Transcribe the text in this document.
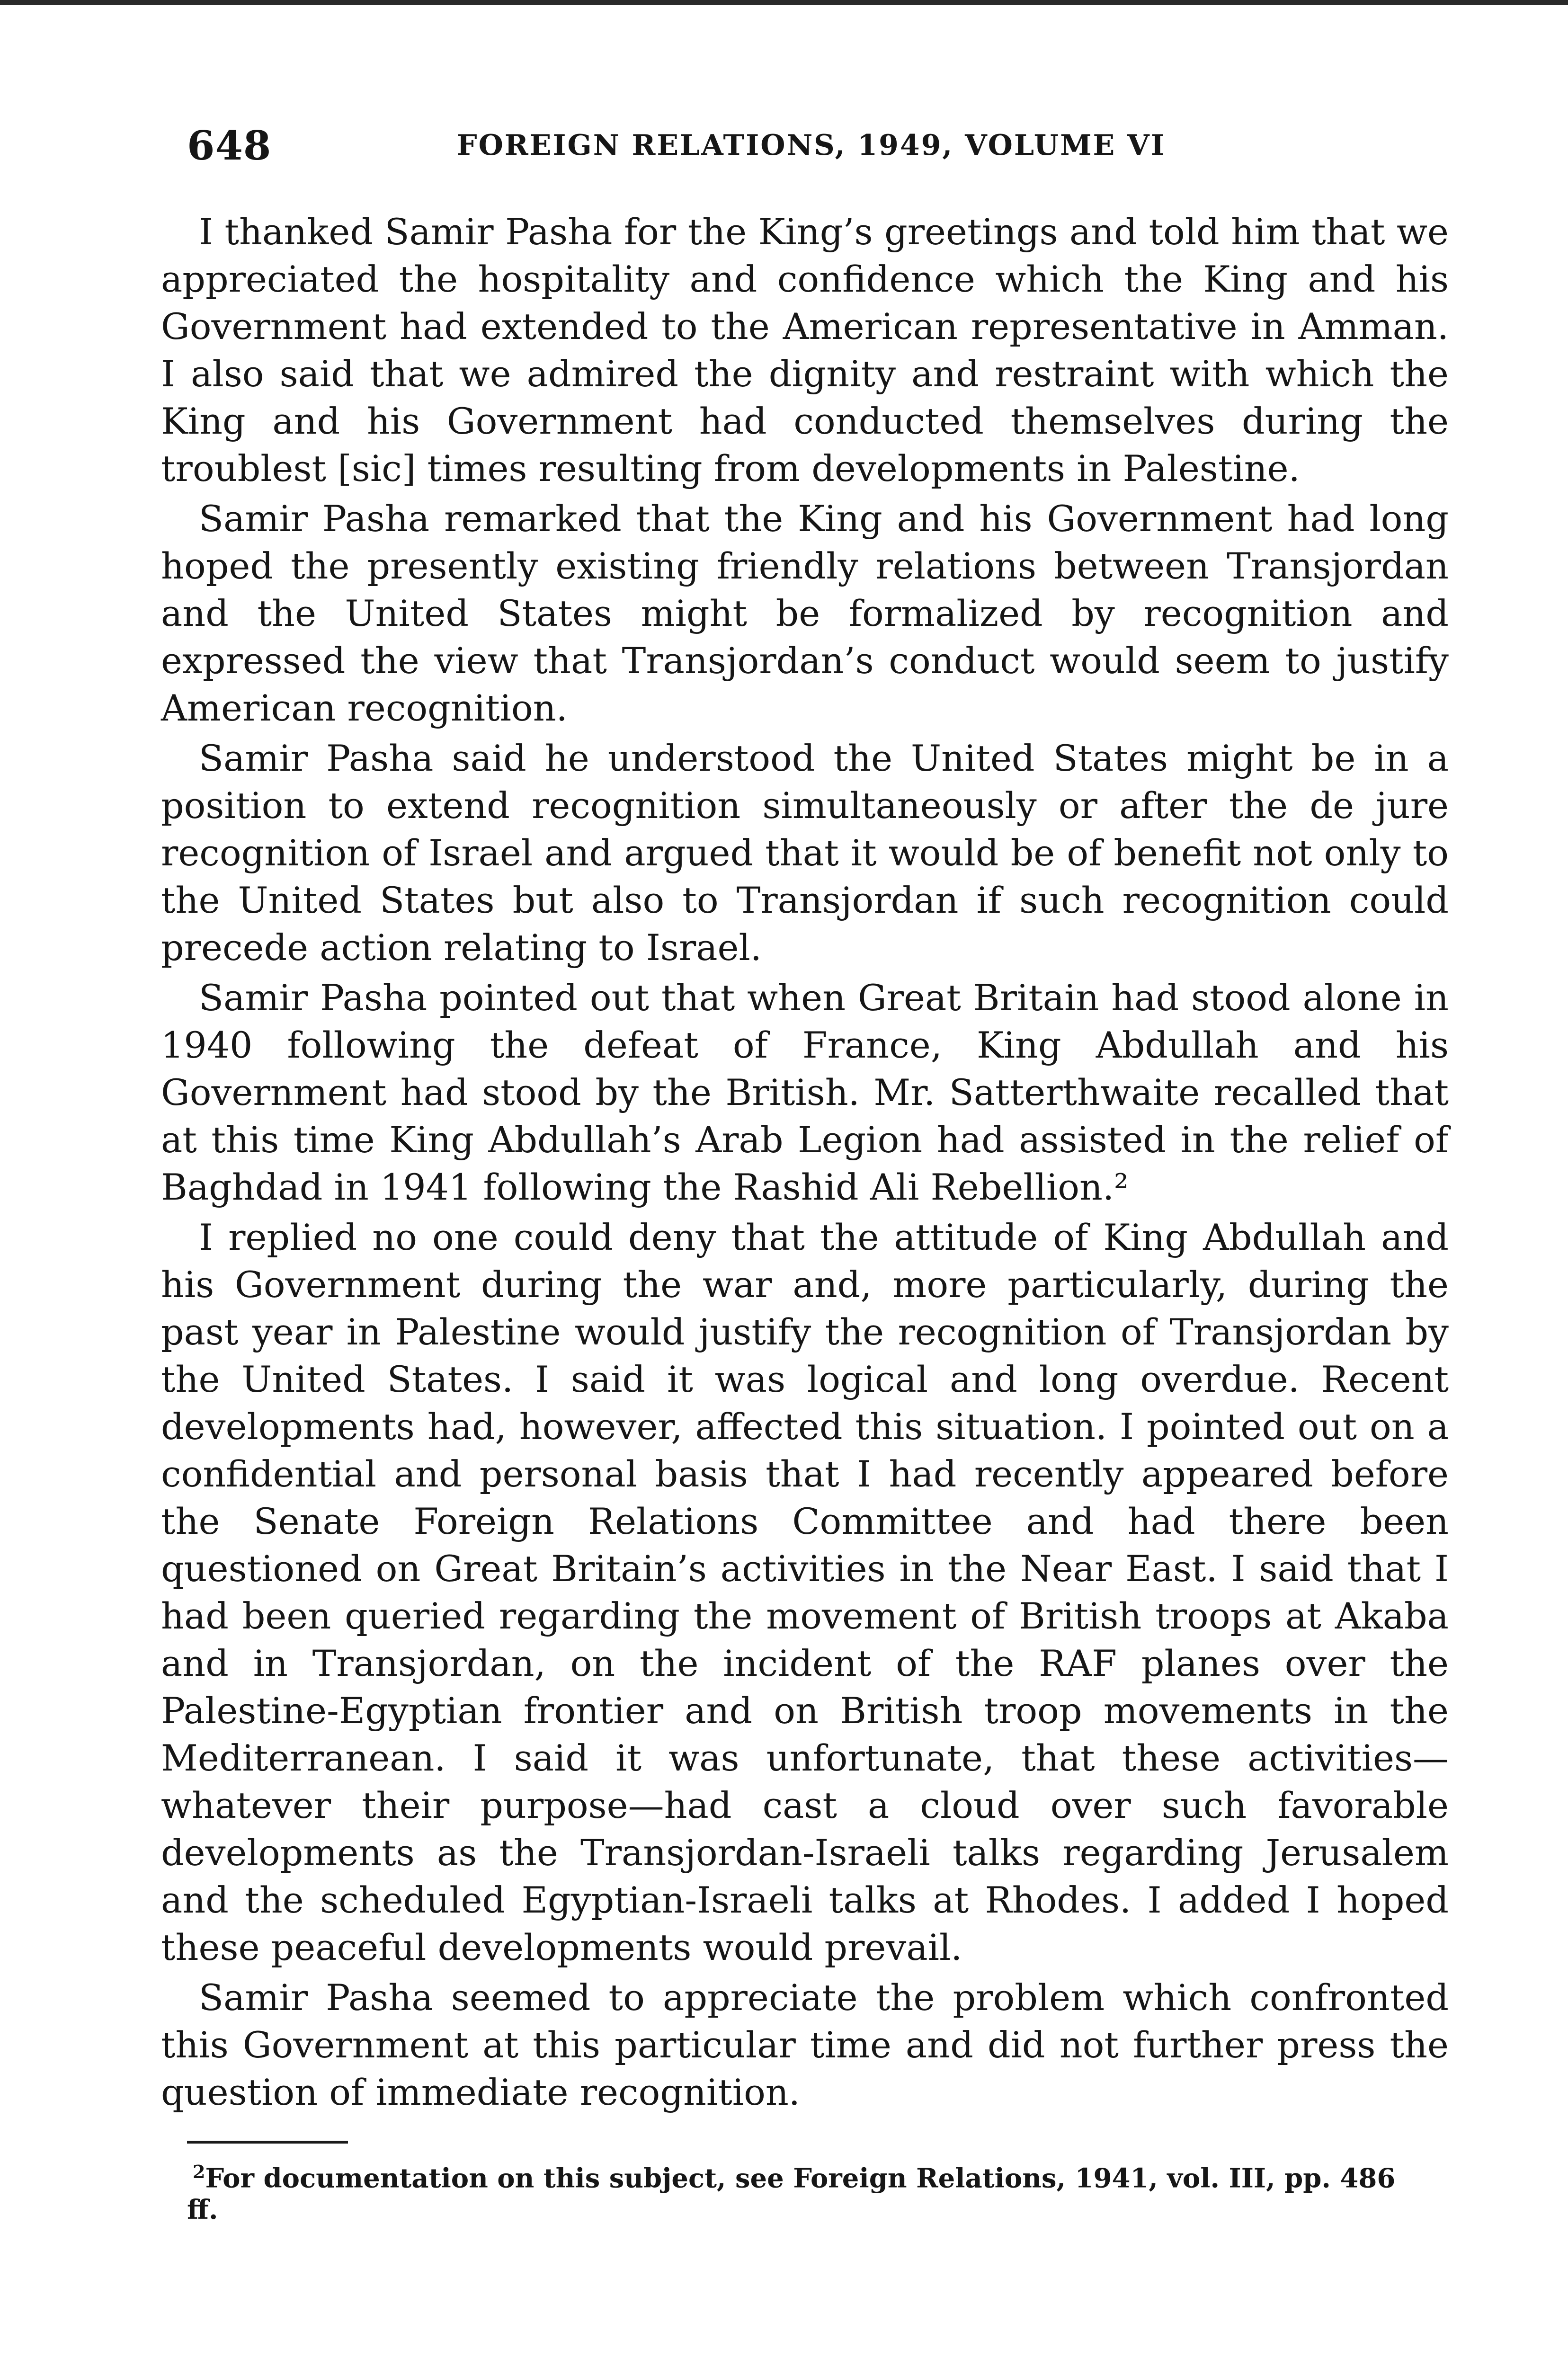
648	FOREIGN RELATIONS, 1949, VOLUME VI

I thanked Samir Pasha for the King’s greetings and told him that we appreciated the hospitality and confidence which the King and his Government had extended to the American representative in Amman. I also said that we admired the dignity and restraint with which the King and his Government had conducted themselves during the troublest [sic] times resulting from developments in Palestine.

Samir Pasha remarked that the King and his Government had long hoped the presently existing friendly relations between Transjordan and the United States might be formalized by recognition and expressed the view that Transjordan’s conduct would seem to justify American recognition.

Samir Pasha said he understood the United States might be in a position to extend recognition simultaneously or after the de jure recognition of Israel and argued that it would be of benefit not only to the United States but also to Transjordan if such recognition could precede action relating to Israel.

Samir Pasha pointed out that when Great Britain had stood alone in 1940 following the defeat of France, King Abdullah and his Government had stood by the British. Mr. Satterthwaite recalled that at this time King Abdullah’s Arab Legion had assisted in the relief of Baghdad in 1941 following the Rashid Ali Rebellion.²

I replied no one could deny that the attitude of King Abdullah and his Government during the war and, more particularly, during the past year in Palestine would justify the recognition of Transjordan by the United States. I said it was logical and long overdue. Recent developments had, however, affected this situation. I pointed out on a confidential and personal basis that I had recently appeared before the Senate Foreign Relations Committee and had there been questioned on Great Britain’s activities in the Near East. I said that I had been queried regarding the movement of British troops at Akaba and in Transjordan, on the incident of the RAF planes over the Palestine-Egyptian frontier and on British troop movements in the Mediterranean. I said it was unfortunate, that these activities—whatever their purpose—had cast a cloud over such favorable developments as the Transjordan-Israeli talks regarding Jerusalem and the scheduled Egyptian-Israeli talks at Rhodes. I added I hoped these peaceful developments would prevail.

Samir Pasha seemed to appreciate the problem which confronted this Government at this particular time and did not further press the question of immediate recognition.

$^2$For documentation on this subject, see Foreign Relations, 1941, vol. III, pp. 486 ff.
